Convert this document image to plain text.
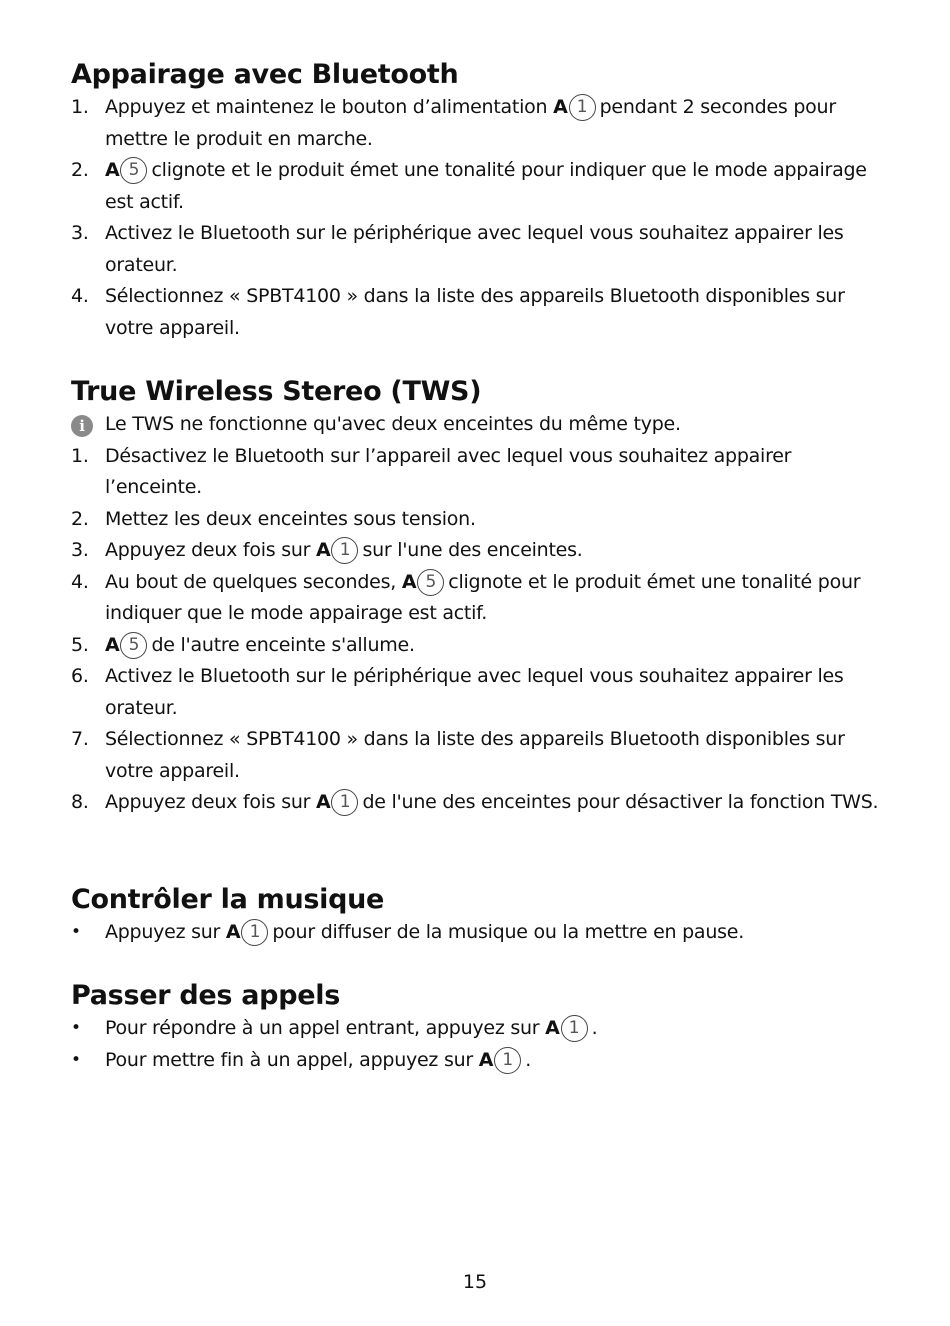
Appairage avec Bluetooth
1. Appuyez et maintenez le bouton d’alimentation A 1 pendant 2 secondes pour mettre le produit en marche.
2. A 5 clignote et le produit émet une tonalité pour indiquer que le mode appairage est actif.
3. Activez le Bluetooth sur le périphérique avec lequel vous souhaitez appairer les orateur.
4. Sélectionnez « SPBT4100 » dans la liste des appareils Bluetooth disponibles sur votre appareil.
True Wireless Stereo (TWS)
i	Le TWS ne fonctionne qu'avec deux enceintes du même type.
1. Désactivez le Bluetooth sur l’appareil avec lequel vous souhaitez appairer l’enceinte.
2. Mettez les deux enceintes sous tension.
3. Appuyez deux fois sur A 1 sur l'une des enceintes.
4. Au bout de quelques secondes, A 5 clignote et le produit émet une tonalité pour indiquer que le mode appairage est actif.
5. A 5 de l'autre enceinte s'allume.
6. Activez le Bluetooth sur le périphérique avec lequel vous souhaitez appairer les orateur.
7. Sélectionnez « SPBT4100 » dans la liste des appareils Bluetooth disponibles sur votre appareil.
8. Appuyez deux fois sur A 1 de l'une des enceintes pour désactiver la fonction TWS.
Contrôler la musique
•	Appuyez sur A 1 pour diffuser de la musique ou la mettre en pause.
Passer des appels
•	Pour répondre à un appel entrant, appuyez sur A 1 .
•	Pour mettre fin à un appel, appuyez sur A 1 .
15
